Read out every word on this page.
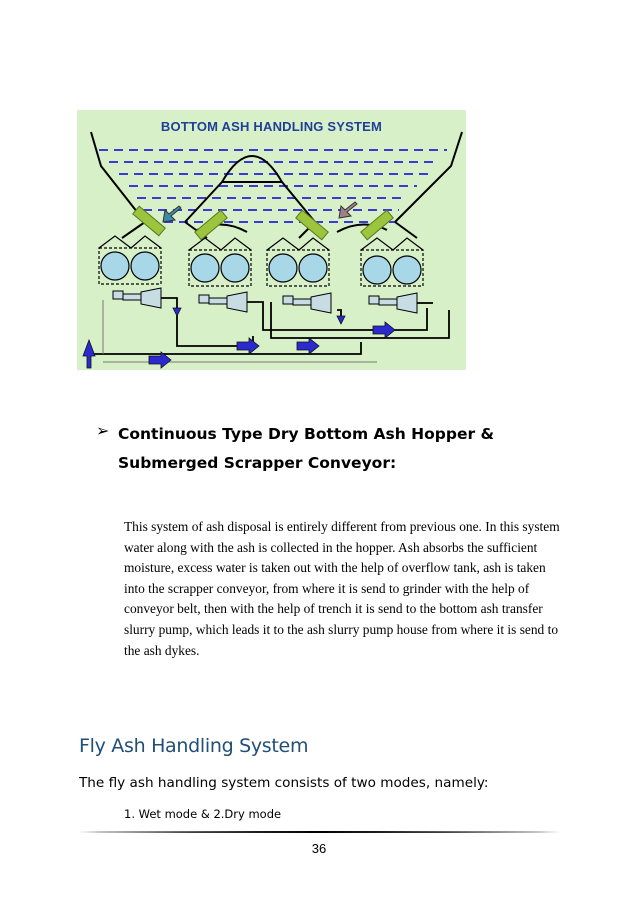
BOTTOM ASH HANDLING SYSTEM
➢ Continuous Type Dry Bottom Ash Hopper & Submerged Scrapper Conveyor:
This system of ash disposal is entirely different from previous one. In this system water along with the ash is collected in the hopper. Ash absorbs the sufficient moisture, excess water is taken out with the help of overflow tank, ash is taken into the scrapper conveyor, from where it is send to grinder with the help of conveyor belt, then with the help of trench it is send to the bottom ash transfer slurry pump, which leads it to the ash slurry pump house from where it is send to the ash dykes.
Fly Ash Handling System
The fly ash handling system consists of two modes, namely:
1. Wet mode & 2.Dry mode
36
